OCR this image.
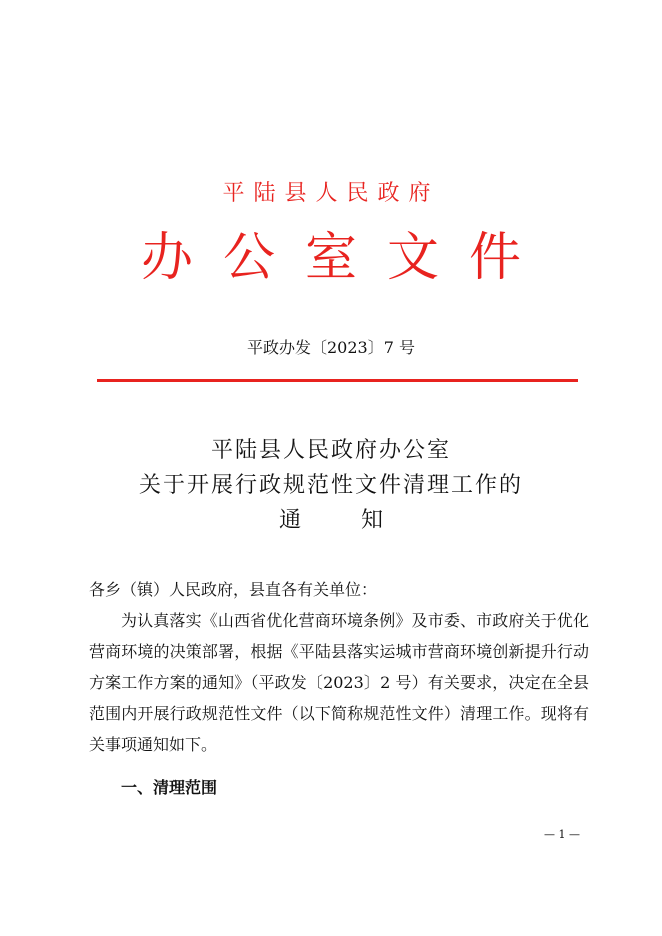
平陆县人民政府
办公室文件
平政办发〔2023〕7 号
平陆县人民政府办公室
关于开展行政规范性文件清理工作的
通知
各乡（镇）人民政府，县直各有关单位：

为认真落实《山西省优化营商环境条例》及市委、市政府关于优化营商环境的决策部署，根据《平陆县落实运城市营商环境创新提升行动方案工作方案的通知》（平政发〔2023〕2 号）有关要求，决定在全县范围内开展行政规范性文件（以下简称规范性文件）清理工作。现将有关事项通知如下。

一、清理范围
— 1 —
